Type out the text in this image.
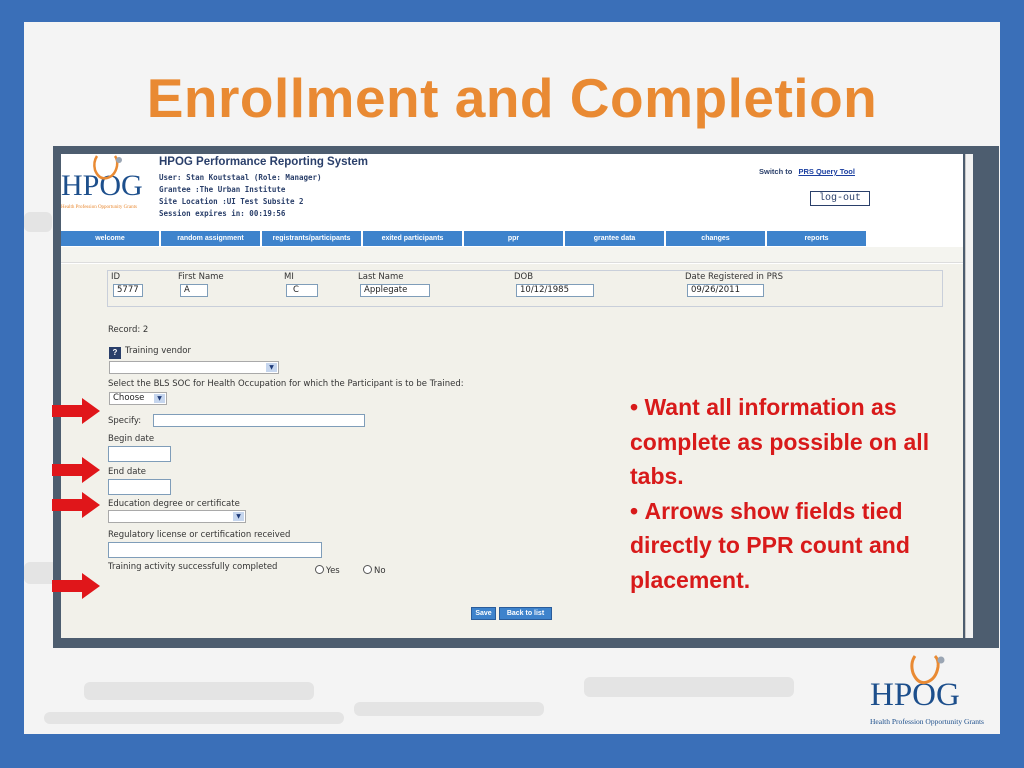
Enrollment and Completion
HPOG
Health Profession Opportunity Grants
HPOG Performance Reporting System
User: Stan Koutstaal (Role: Manager)
Grantee :The Urban Institute
Site Location :UI Test Subsite 2
Session expires in: 00:19:56
Switch to PRS Query Tool
log-out
welcome	random assignment	registrants/participants	exited participants	ppr	grantee data	changes	reports
ID
5777
First Name
A
MI
C
Last Name
Applegate
DOB
10/12/1985
Date Registered in PRS
09/26/2011
Record: 2
? Training vendor
▼
Select the BLS SOC for Health Occupation for which the Participant is to be Trained:
Choose	▼
Specify:
Begin date
End date
Education degree or certificate
▼
Regulatory license or certification received
Training activity successfully completed	Yes	No
Save	Back to list

• Want all information as complete as possible on all tabs.

• Arrows show fields tied directly to PPR count and placement.

HPOG
Health Profession Opportunity Grants
